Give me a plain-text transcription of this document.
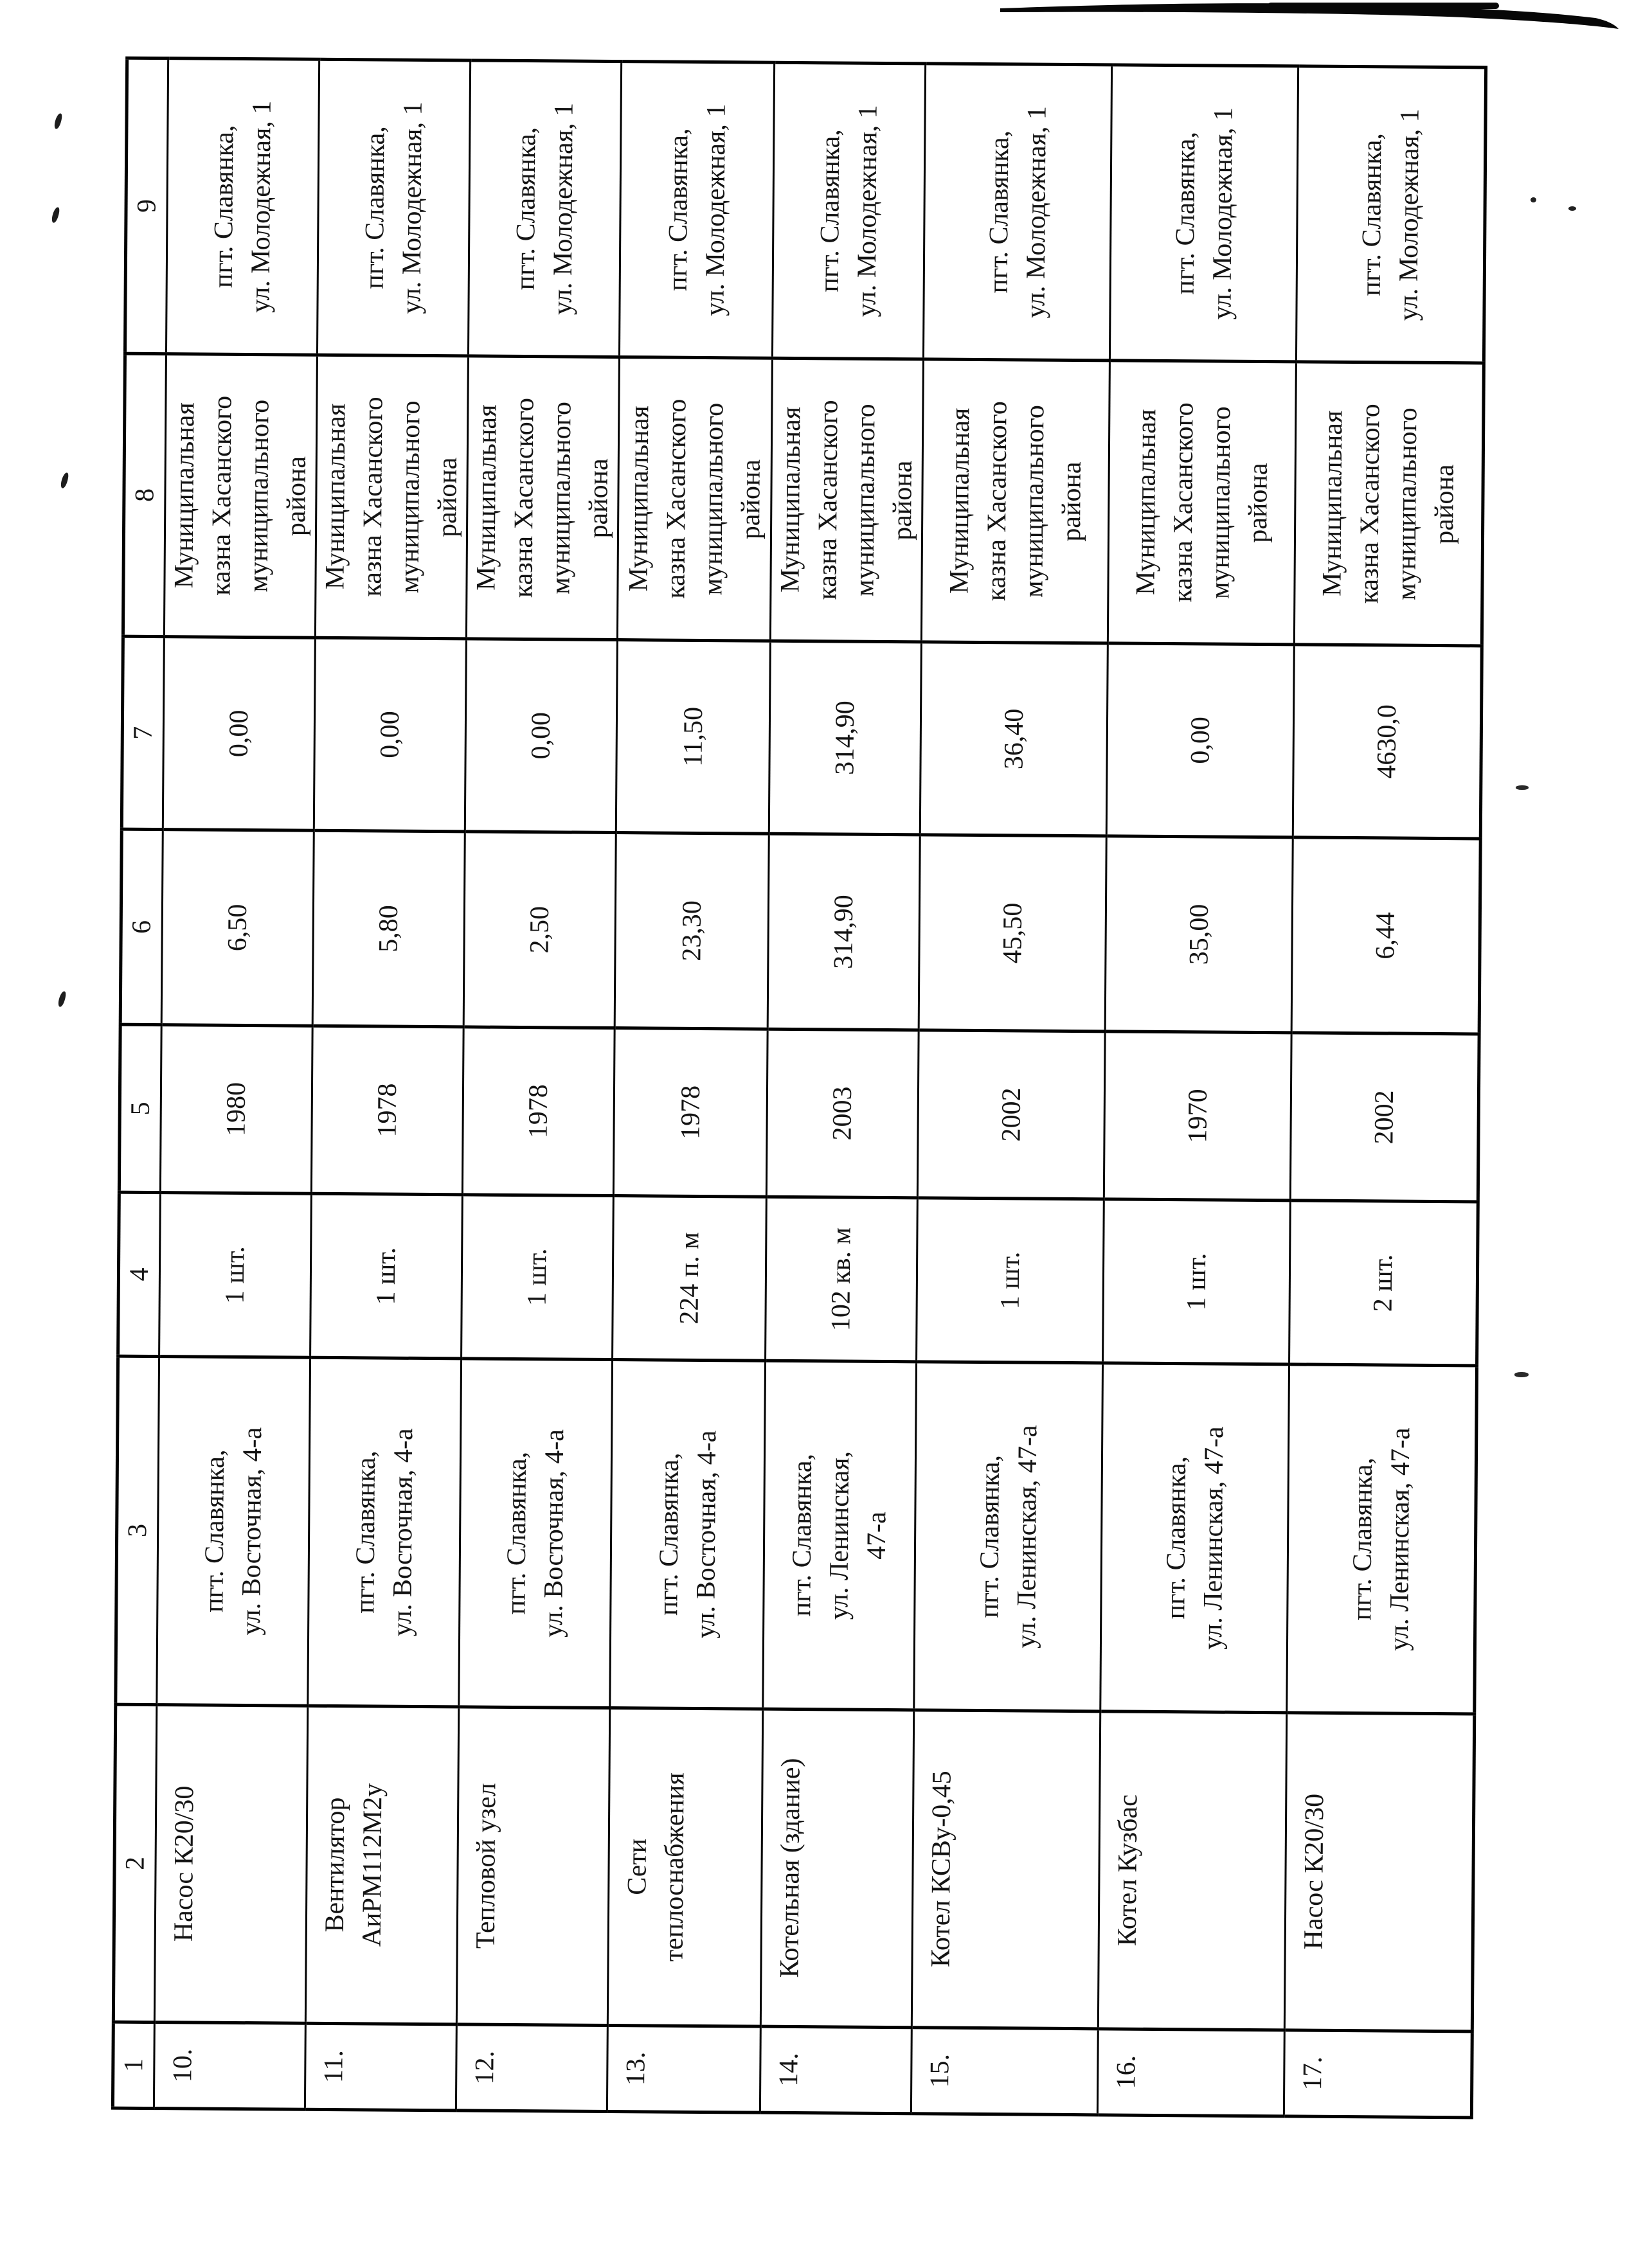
1	2	3	4	5	6	7	8	9
10.	Насос К20/30	пгт. Славянка,
ул. Восточная, 4-а	1 шт.	1980	6,50	0,00	Муниципальная
казна Хасанского
муниципального
района	пгт. Славянка,
ул. Молодежная, 1
11.	Вентилятор
АиРМ112М2у	пгт. Славянка,
ул. Восточная, 4-а	1 шт.	1978	5,80	0,00	Муниципальная
казна Хасанского
муниципального
района	пгт. Славянка,
ул. Молодежная, 1
12.	Тепловой узел	пгт. Славянка,
ул. Восточная, 4-а	1 шт.	1978	2,50	0,00	Муниципальная
казна Хасанского
муниципального
района	пгт. Славянка,
ул. Молодежная, 1
13.	Сети
теплоснабжения	пгт. Славянка,
ул. Восточная, 4-а	224 п. м	1978	23,30	11,50	Муниципальная
казна Хасанского
муниципального
района	пгт. Славянка,
ул. Молодежная, 1
14.	Котельная (здание)	пгт. Славянка,
ул. Ленинская,
47-а	102 кв. м	2003	314,90	314,90	Муниципальная
казна Хасанского
муниципального
района	пгт. Славянка,
ул. Молодежная, 1
15.	Котел КСВу-0,45	пгт. Славянка,
ул. Ленинская, 47-а	1 шт.	2002	45,50	36,40	Муниципальная
казна Хасанского
муниципального
района	пгт. Славянка,
ул. Молодежная, 1
16.	Котел Кузбас	пгт. Славянка,
ул. Ленинская, 47-а	1 шт.	1970	35,00	0,00	Муниципальная
казна Хасанского
муниципального
района	пгт. Славянка,
ул. Молодежная, 1
17.	Насос К20/30	пгт. Славянка,
ул. Ленинская, 47-а	2 шт.	2002	6,44	4630,0	Муниципальная
казна Хасанского
муниципального
района	пгт. Славянка,
ул. Молодежная, 1
